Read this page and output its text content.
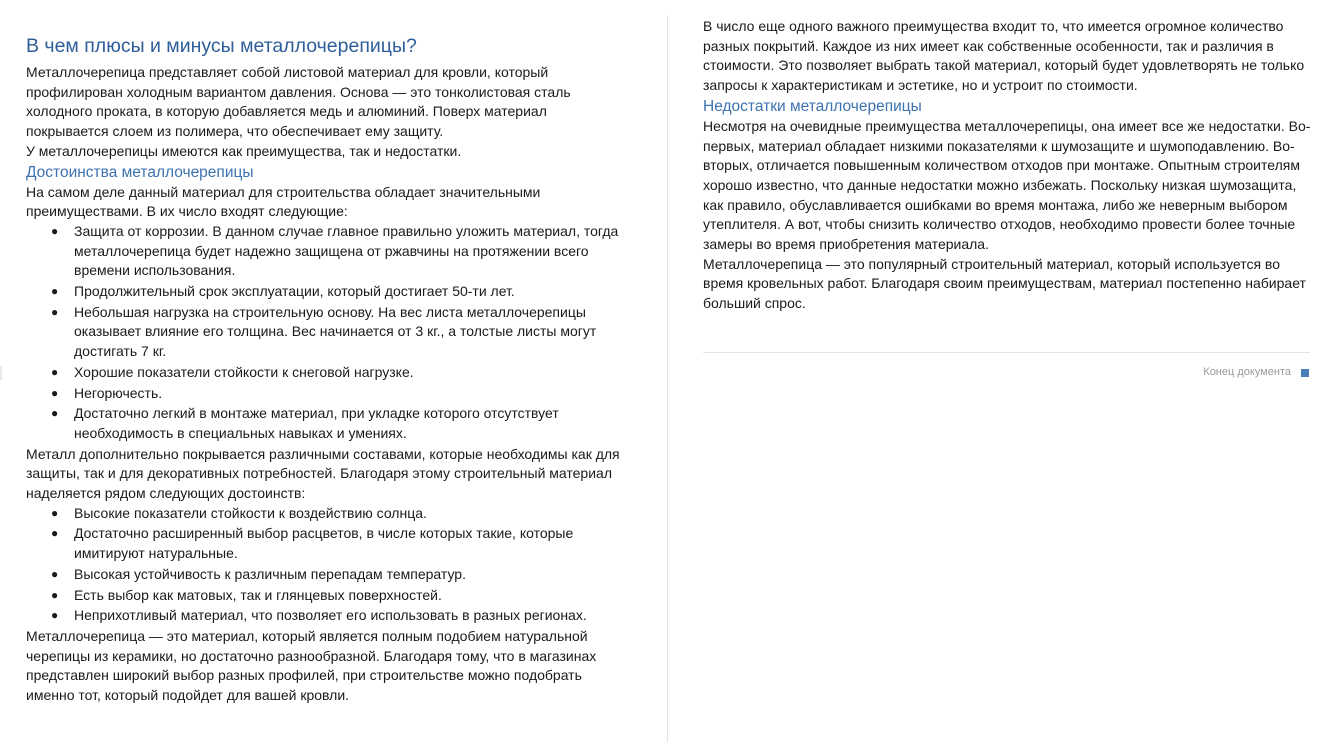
В чем плюсы и минусы металлочерепицы?

Металлочерепица представляет собой листовой материал для кровли, который профилирован холодным вариантом давления. Основа — это тонколистовая сталь холодного проката, в которую добавляется медь и алюминий. Поверх материал покрывается слоем из полимера, что обеспечивает ему защиту.

У металлочерепицы имеются как преимущества, так и недостатки.

Достоинства металлочерепицы

На самом деле данный материал для строительства обладает значительными преимуществами. В их число входят следующие:

● Защита от коррозии. В данном случае главное правильно уложить материал, тогда металлочерепица будет надежно защищена от ржавчины на протяжении всего времени использования.
● Продолжительный срок эксплуатации, который достигает 50-ти лет.
● Небольшая нагрузка на строительную основу. На вес листа металлочерепицы оказывает влияние его толщина. Вес начинается от 3 кг., а толстые листы могут достигать 7 кг.
● Хорошие показатели стойкости к снеговой нагрузке.
● Негорючесть.
● Достаточно легкий в монтаже материал, при укладке которого отсутствует необходимость в специальных навыках и умениях.

Металл дополнительно покрывается различными составами, которые необходимы как для защиты, так и для декоративных потребностей. Благодаря этому строительный материал наделяется рядом следующих достоинств:

● Высокие показатели стойкости к воздействию солнца.
● Достаточно расширенный выбор расцветов, в числе которых такие, которые имитируют натуральные.
● Высокая устойчивость к различным перепадам температур.
● Есть выбор как матовых, так и глянцевых поверхностей.
● Неприхотливый материал, что позволяет его использовать в разных регионах.

Металлочерепица — это материал, который является полным подобием натуральной черепицы из керамики, но достаточно разнообразной. Благодаря тому, что в магазинах представлен широкий выбор разных профилей, при строительстве можно подобрать именно тот, который подойдет для вашей кровли.

В число еще одного важного преимущества входит то, что имеется огромное количество разных покрытий. Каждое из них имеет как собственные особенности, так и различия в стоимости. Это позволяет выбрать такой материал, который будет удовлетворять не только запросы к характеристикам и эстетике, но и устроит по стоимости.

Недостатки металлочерепицы

Несмотря на очевидные преимущества металлочерепицы, она имеет все же недостатки. Во-первых, материал обладает низкими показателями к шумозащите и шумоподавлению. Во-вторых, отличается повышенным количеством отходов при монтаже. Опытным строителям хорошо известно, что данные недостатки можно избежать. Поскольку низкая шумозащита, как правило, обуславливается ошибками во время монтажа, либо же неверным выбором утеплителя. А вот, чтобы снизить количество отходов, необходимо провести более точные замеры во время приобретения материала.

Металлочерепица — это популярный строительный материал, который используется во время кровельных работ. Благодаря своим преимуществам, материал постепенно набирает больший спрос.

Конец документа
